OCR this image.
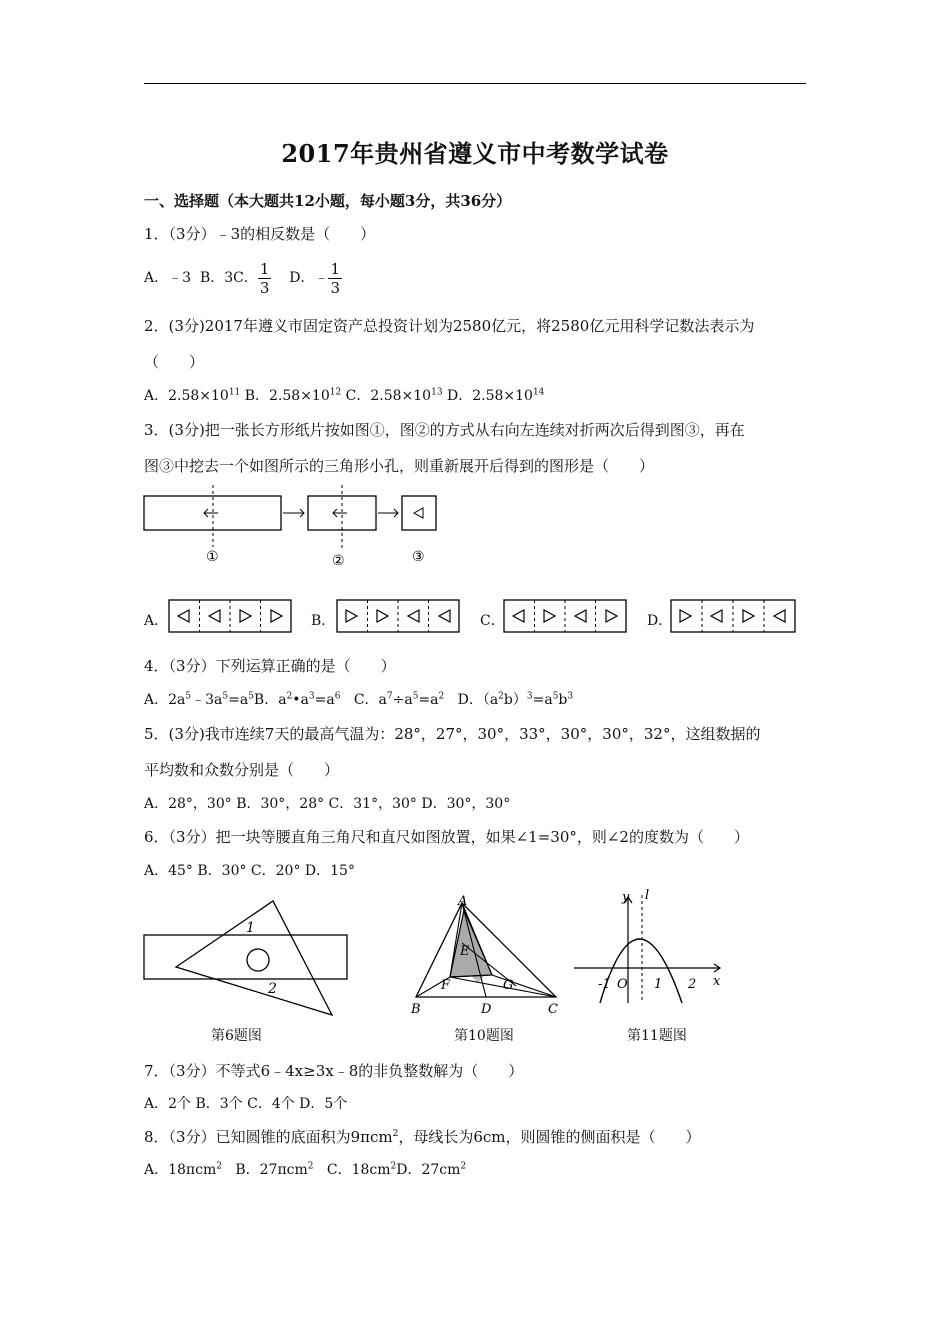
2017年贵州省遵义市中考数学试卷
一、选择题（本大题共12小题，每小题3分，共36分）
1．（3分）﹣3的相反数是（　　）
A．﹣3 B．3C． $\frac{1}{3}$ D．﹣ $\frac{1}{3}$
2．(3分)2017年遵义市固定资产总投资计划为2580亿元，将2580亿元用科学记数法表示为
（　　）
A．$2.58\times 10^{11}$ B．$2.58\times 10^{12}$ C．$2.58\times 10^{13}$ D．$2.58\times 10^{14}$
3．(3分)把一张长方形纸片按如图①，图②的方式从右向左连续对折两次后得到图③，再在
图③中挖去一个如图所示的三角形小孔，则重新展开后得到的图形是（　　）
①	②	③
A．	B．	C．	D．
4．（3分）下列运算正确的是（　　）
A．$2a^5﹣3a^5=a^5B$．$a^2•a^3=a^6$ C．$a^7\div a^5=a^2$ D．$(a^2b)^3=a^5b^3$
5．(3分)我市连续7天的最高气温为：28°，27°，30°，33°，30°，30°，32°，这组数据的
平均数和众数分别是（　　）
A．28°，30° B．30°，28° C．31°，30° D．30°，30°
6．（3分）把一块等腰直角三角尺和直尺如图放置，如果∠1=30°，则∠2的度数为（　　）
A．45° B．30° C．20° D．15°
1
2
第6题图
A
E
F	G
B	D	C
第10题图
y l
-1 O 1 2 x
第11题图
7．（3分）不等式6﹣4x≥3x﹣8的非负整数解为（　　）
A．2个 B．3个 C．4个 D．5个
8．（3分）已知圆锥的底面积为9πcm$^2$，母线长为6cm，则圆锥的侧面积是（　　）
A．18πcm$^2$ B．27πcm$^2$ C．$18cm^2D$．$27cm^2$
